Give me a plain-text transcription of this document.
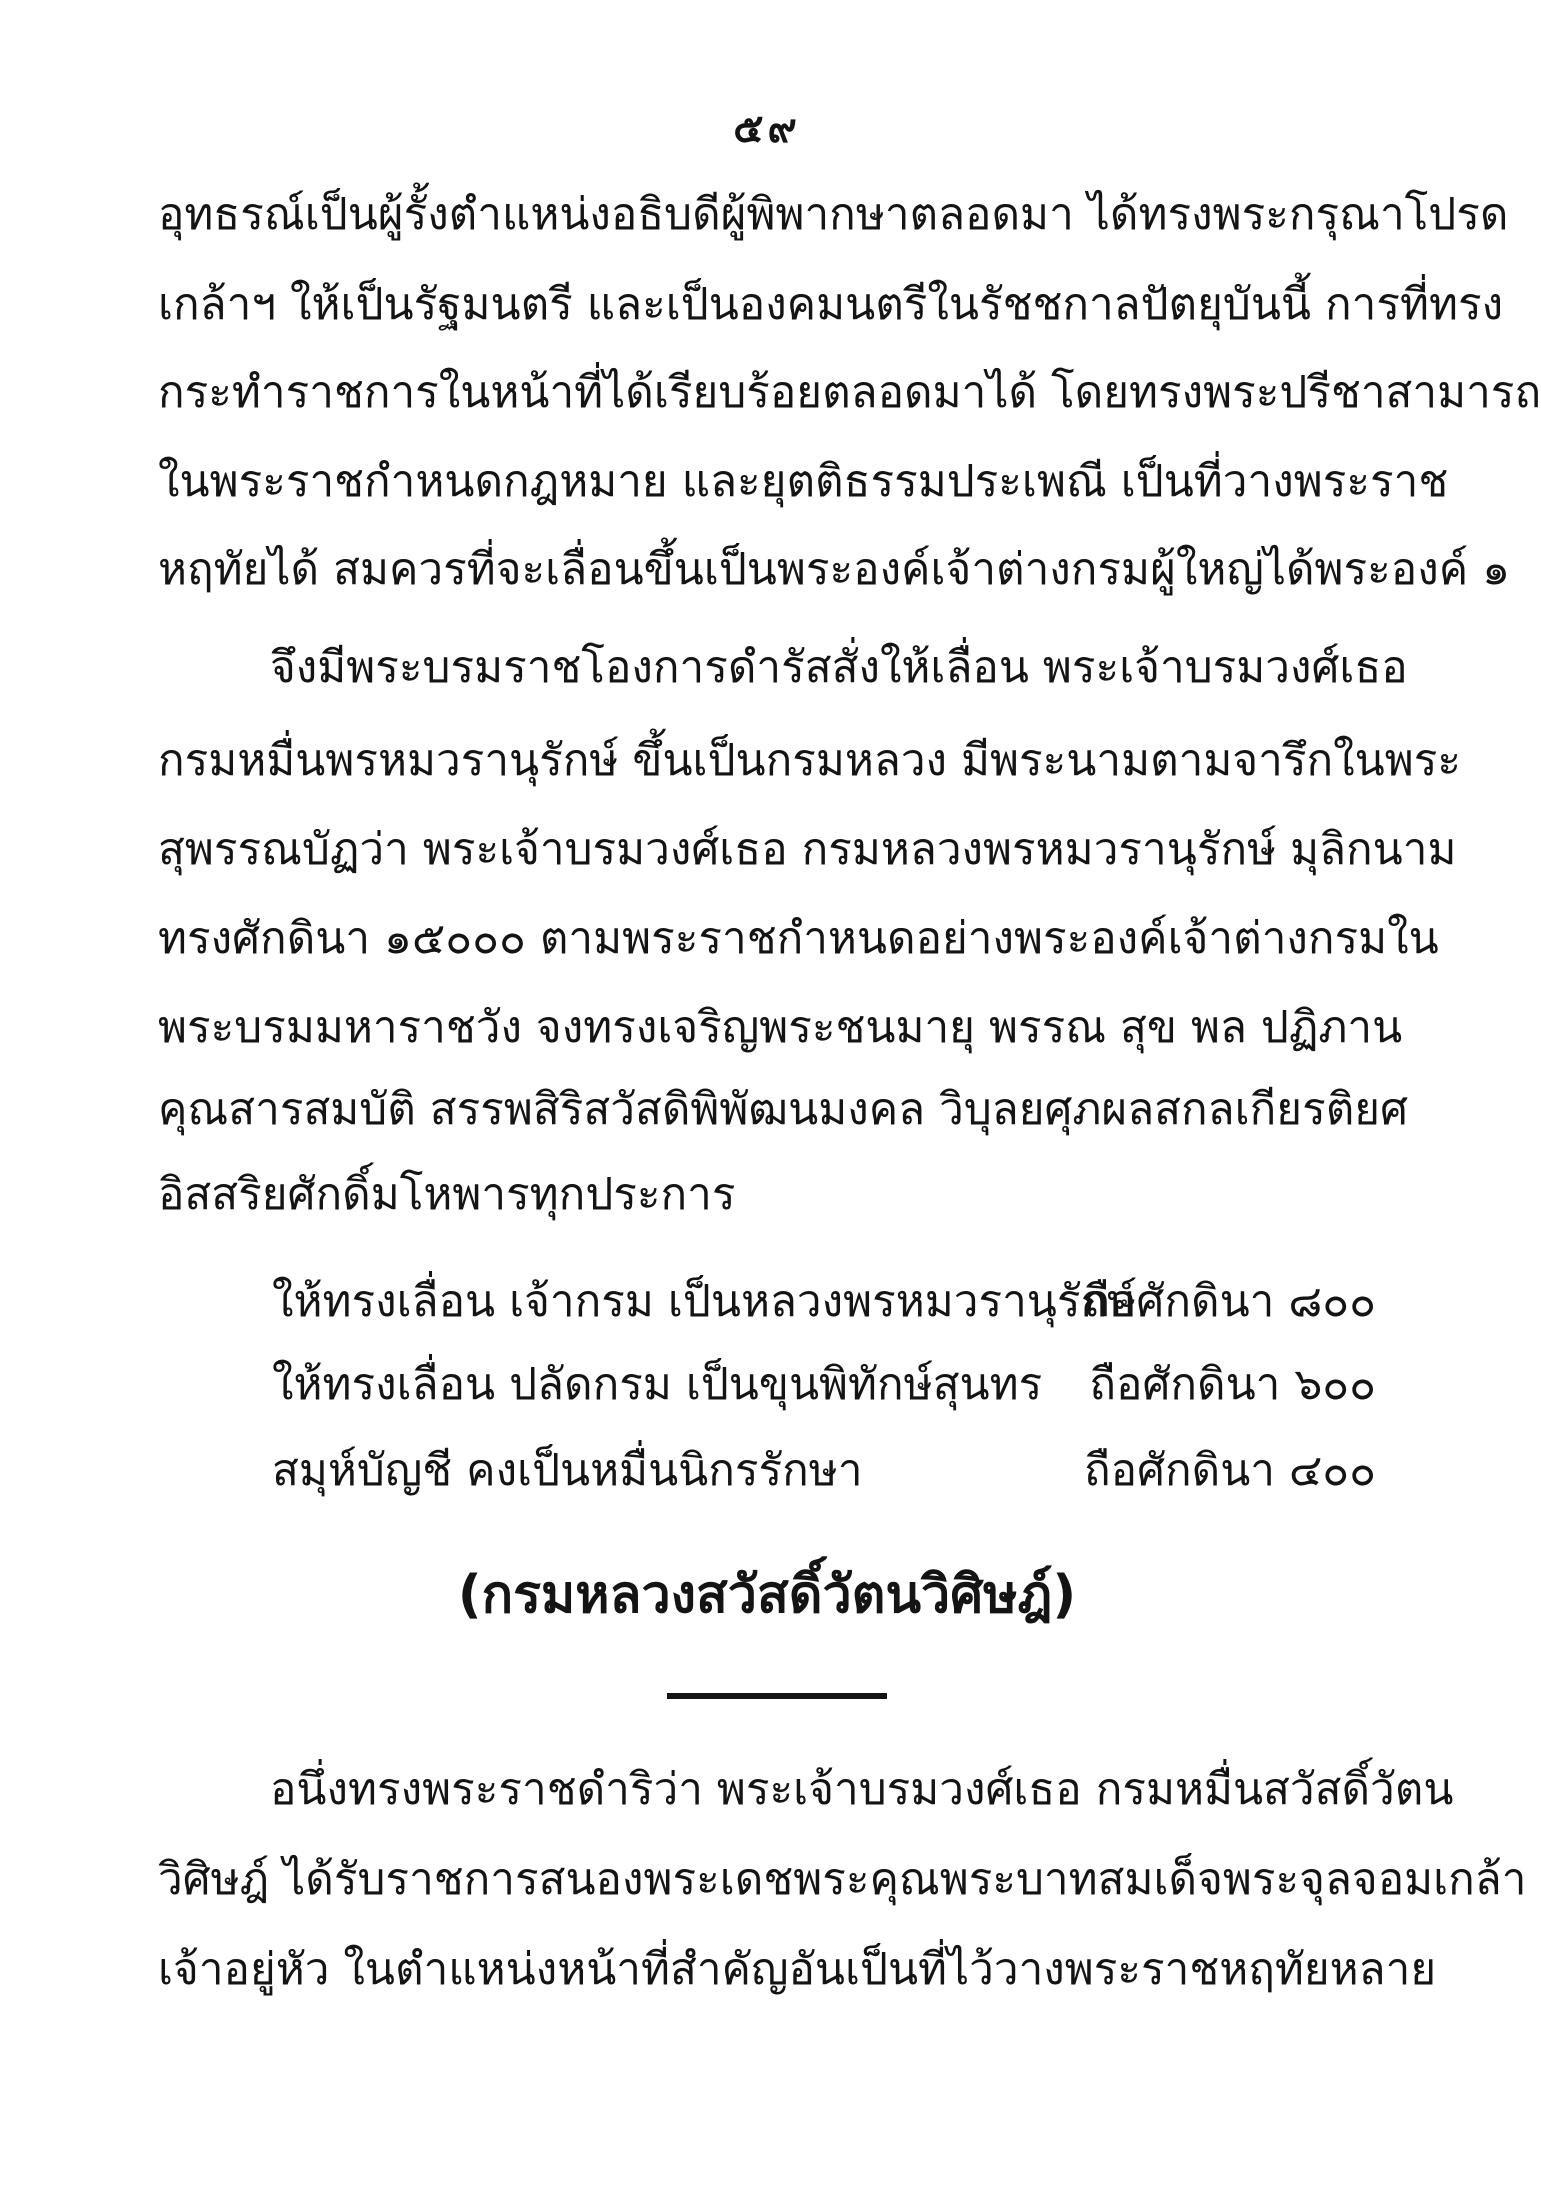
๕๙
อุทธรณ์เป็นผู้รั้งตำแหน่งอธิบดีผู้พิพากษาตลอดมา ได้ทรงพระกรุณาโปรด
เกล้าฯ ให้เป็นรัฐมนตรี และเป็นองคมนตรีในรัชชกาลปัตยุบันนี้ การที่ทรง
กระทำราชการในหน้าที่ได้เรียบร้อยตลอดมาได้ โดยทรงพระปรีชาสามารถ
ในพระราชกำหนดกฎหมาย และยุตติธรรมประเพณี เป็นที่วางพระราช
หฤทัยได้ สมควรที่จะเลื่อนขึ้นเป็นพระองค์เจ้าต่างกรมผู้ใหญ่ได้พระองค์ ๑
จึงมีพระบรมราชโองการดำรัสสั่งให้เลื่อน พระเจ้าบรมวงศ์เธอ
กรมหมื่นพรหมวรานุรักษ์ ขึ้นเป็นกรมหลวง มีพระนามตามจารึกในพระ
สุพรรณบัฏว่า พระเจ้าบรมวงศ์เธอ กรมหลวงพรหมวรานุรักษ์ มุลิกนาม
ทรงศักดินา ๑๕๐๐๐ ตามพระราชกำหนดอย่างพระองค์เจ้าต่างกรมใน
พระบรมมหาราชวัง จงทรงเจริญพระชนมายุ พรรณ สุข พล ปฏิภาน
คุณสารสมบัติ สรรพสิริสวัสดิพิพัฒนมงคล วิบุลยศุภผลสกลเกียรติยศ
อิสสริยศักดิ์มโหพารทุกประการ
ให้ทรงเลื่อน เจ้ากรม เป็นหลวงพรหมวรานุรักษ์
ถือศักดินา ๘๐๐
ให้ทรงเลื่อน ปลัดกรม เป็นขุนพิทักษ์สุนทร ถือศักดินา ๖๐๐
สมุห์บัญชี คงเป็นหมื่นนิกรรักษา	ถือศักดินา ๔๐๐
(กรมหลวงสวัสดิ์วัตนวิศิษฎ์)
อนึ่งทรงพระราชดำริว่า พระเจ้าบรมวงศ์เธอ กรมหมื่นสวัสดิ์วัตน
วิศิษฎ์ ได้รับราชการสนองพระเดชพระคุณพระบาทสมเด็จพระจุลจอมเกล้า
เจ้าอยู่หัว ในตำแหน่งหน้าที่สำคัญอันเป็นที่ไว้วางพระราชหฤทัยหลาย
